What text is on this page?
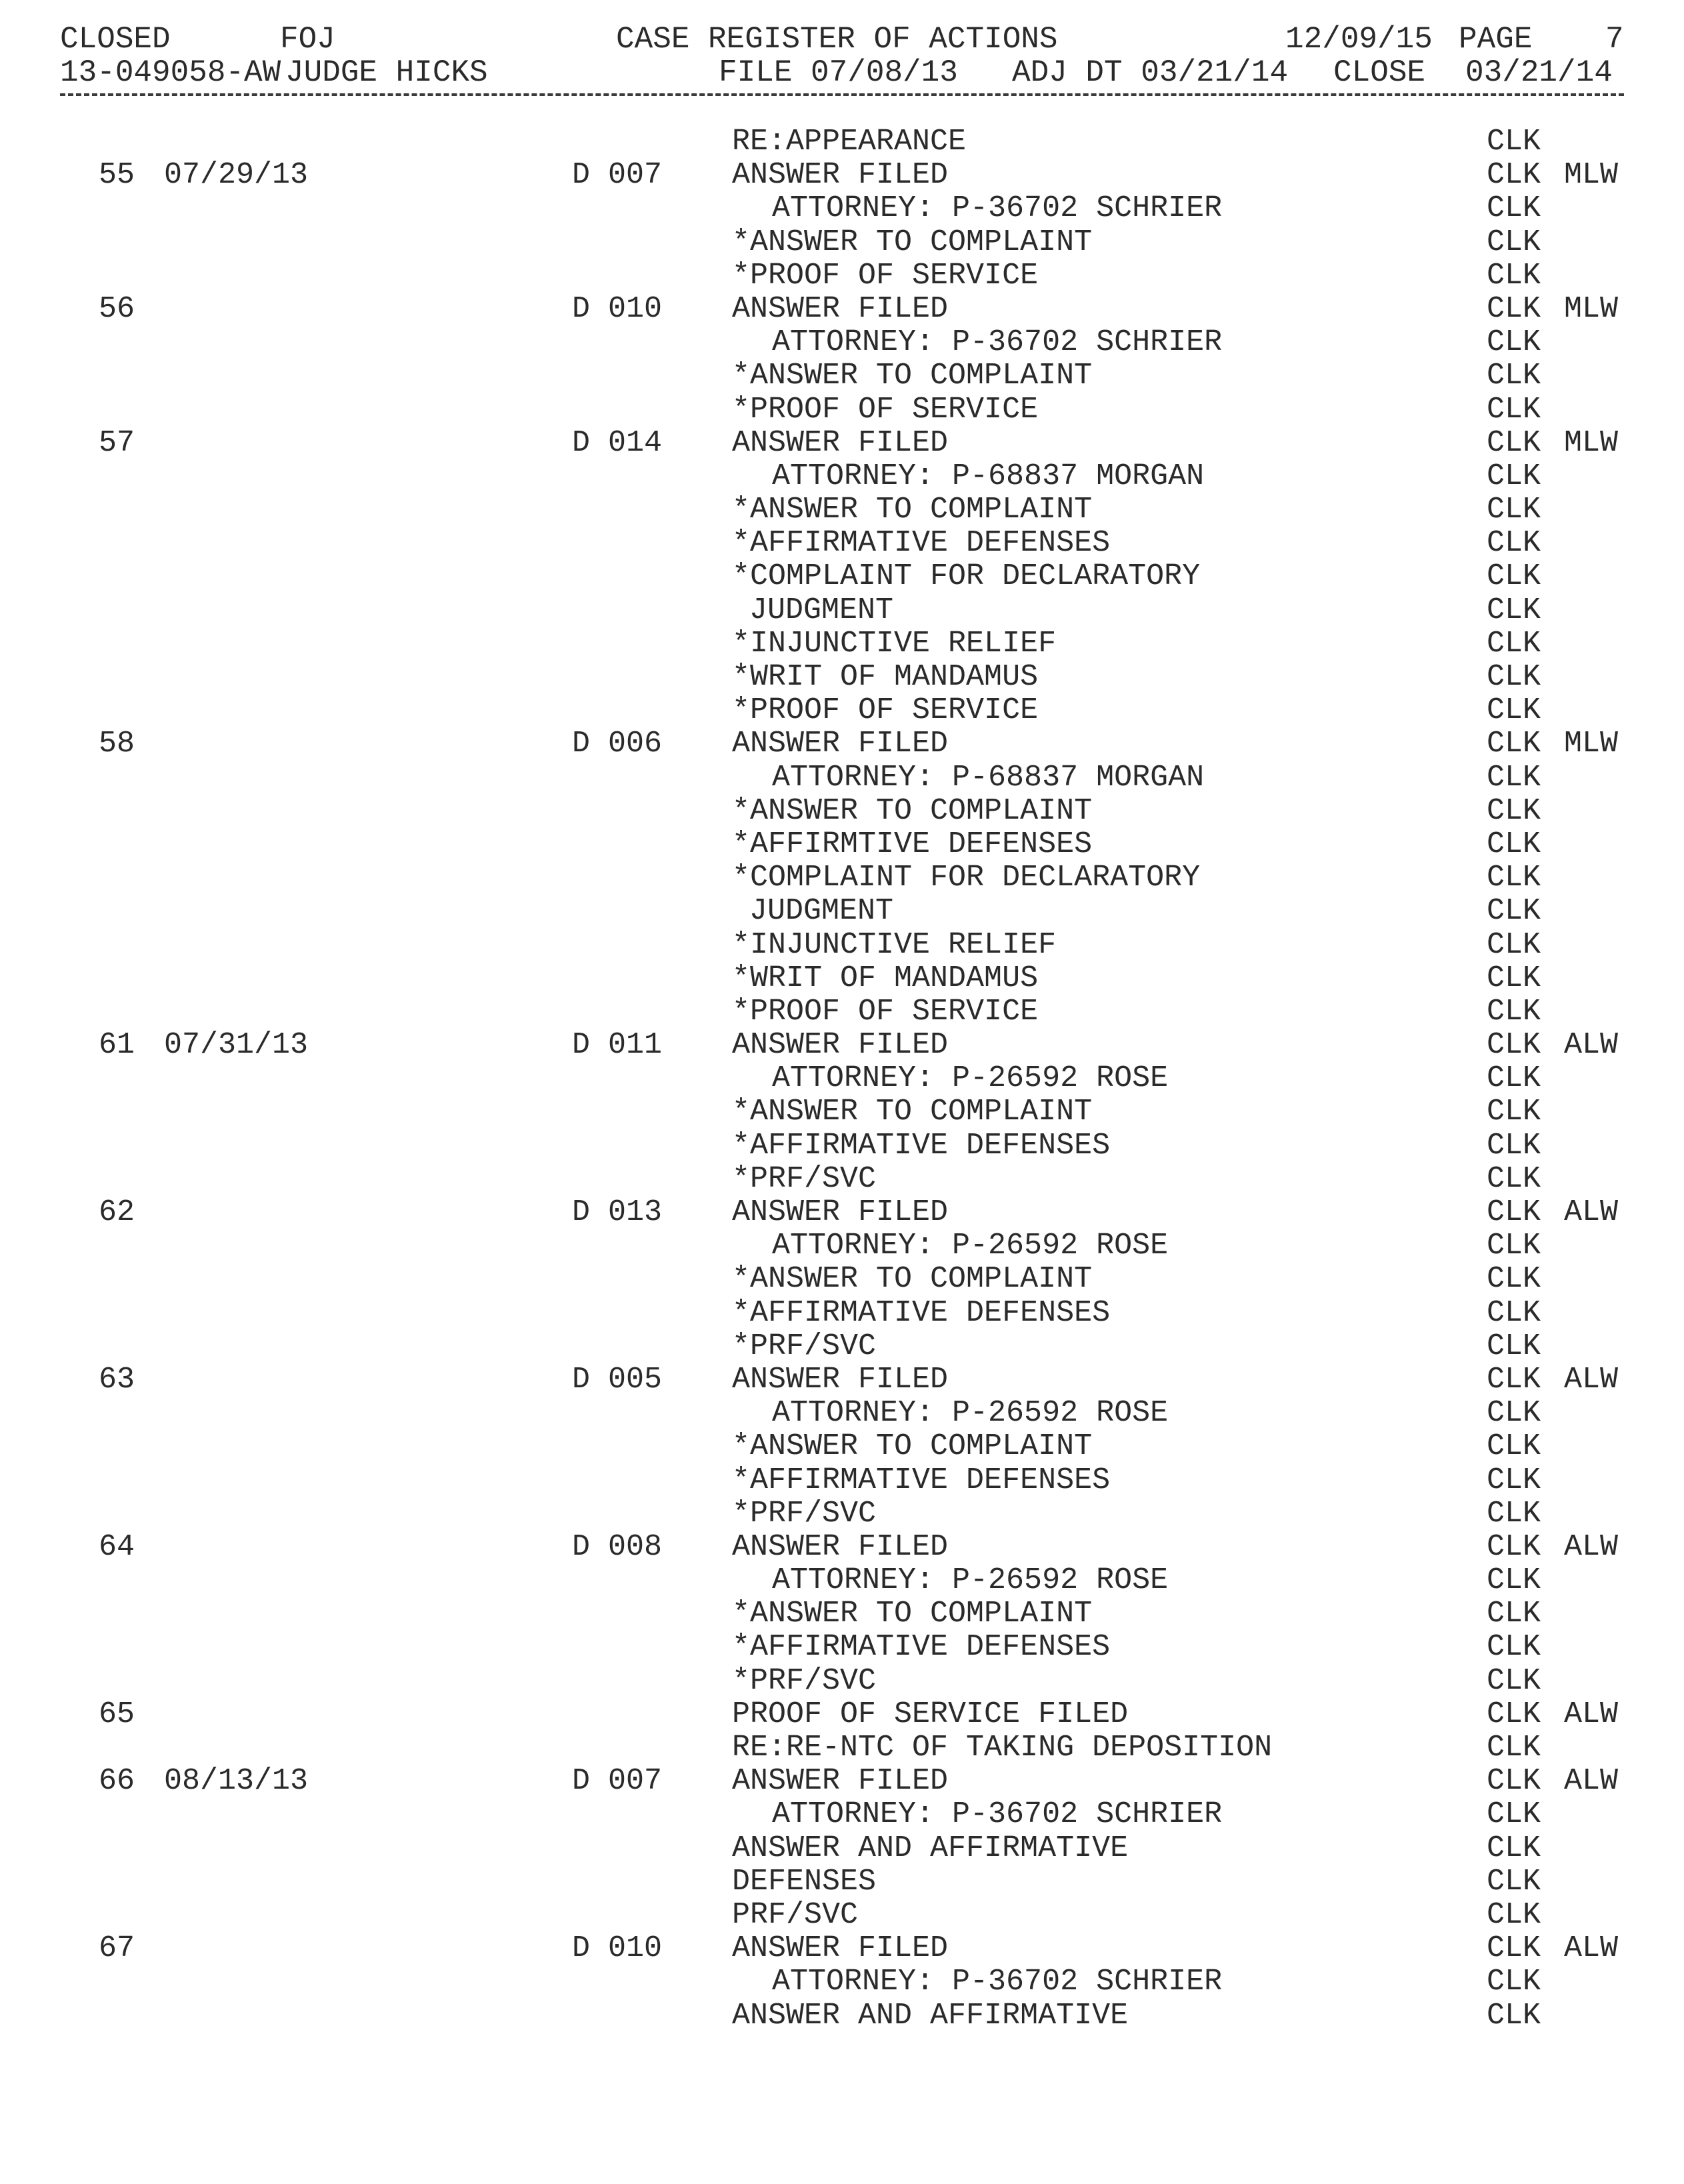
CLOSED

	FOJ

	CASE REGISTER OF ACTIONS

	12/09/15

PAGE

7

13-049058-AW

JUDGE HICKS

	FILE 07/08/13

ADJ DT 03/21/14

CLOSE

03/21/14

RE:APPEARANCE	CLK
55 07/29/13	D 007 ANSWER FILED	CLK MLW
ATTORNEY: P-36702 SCHRIER	CLK
*ANSWER TO COMPLAINT	CLK
*PROOF OF SERVICE	CLK
56	D 010 ANSWER FILED	CLK MLW
ATTORNEY: P-36702 SCHRIER	CLK
*ANSWER TO COMPLAINT	CLK
*PROOF OF SERVICE	CLK
57	D 014 ANSWER FILED	CLK MLW
ATTORNEY: P-68837 MORGAN	CLK
*ANSWER TO COMPLAINT	CLK
*AFFIRMATIVE DEFENSES	CLK
*COMPLAINT FOR DECLARATORY	CLK
JUDGMENT	CLK
*INJUNCTIVE RELIEF	CLK
*WRIT OF MANDAMUS	CLK
*PROOF OF SERVICE	CLK
58	D 006 ANSWER FILED	CLK MLW
ATTORNEY: P-68837 MORGAN	CLK
*ANSWER TO COMPLAINT	CLK
*AFFIRMTIVE DEFENSES	CLK
*COMPLAINT FOR DECLARATORY	CLK
JUDGMENT	CLK
*INJUNCTIVE RELIEF	CLK
*WRIT OF MANDAMUS	CLK
*PROOF OF SERVICE	CLK
61 07/31/13	D 011 ANSWER FILED	CLK ALW
ATTORNEY: P-26592 ROSE	CLK
*ANSWER TO COMPLAINT	CLK
*AFFIRMATIVE DEFENSES	CLK
*PRF/SVC	CLK
62	D 013 ANSWER FILED	CLK ALW
ATTORNEY: P-26592 ROSE	CLK
*ANSWER TO COMPLAINT	CLK
*AFFIRMATIVE DEFENSES	CLK
*PRF/SVC	CLK
63	D 005 ANSWER FILED	CLK ALW
ATTORNEY: P-26592 ROSE	CLK
*ANSWER TO COMPLAINT	CLK
*AFFIRMATIVE DEFENSES	CLK
*PRF/SVC	CLK
64	D 008 ANSWER FILED	CLK ALW
ATTORNEY: P-26592 ROSE	CLK
*ANSWER TO COMPLAINT	CLK
*AFFIRMATIVE DEFENSES	CLK
*PRF/SVC	CLK
65	PROOF OF SERVICE FILED	CLK ALW
RE:RE-NTC OF TAKING DEPOSITION	CLK
66 08/13/13	D 007 ANSWER FILED	CLK ALW
ATTORNEY: P-36702 SCHRIER	CLK
ANSWER AND AFFIRMATIVE	CLK
DEFENSES	CLK
PRF/SVC	CLK
67	D 010 ANSWER FILED	CLK ALW
ATTORNEY: P-36702 SCHRIER	CLK
ANSWER AND AFFIRMATIVE	CLK
